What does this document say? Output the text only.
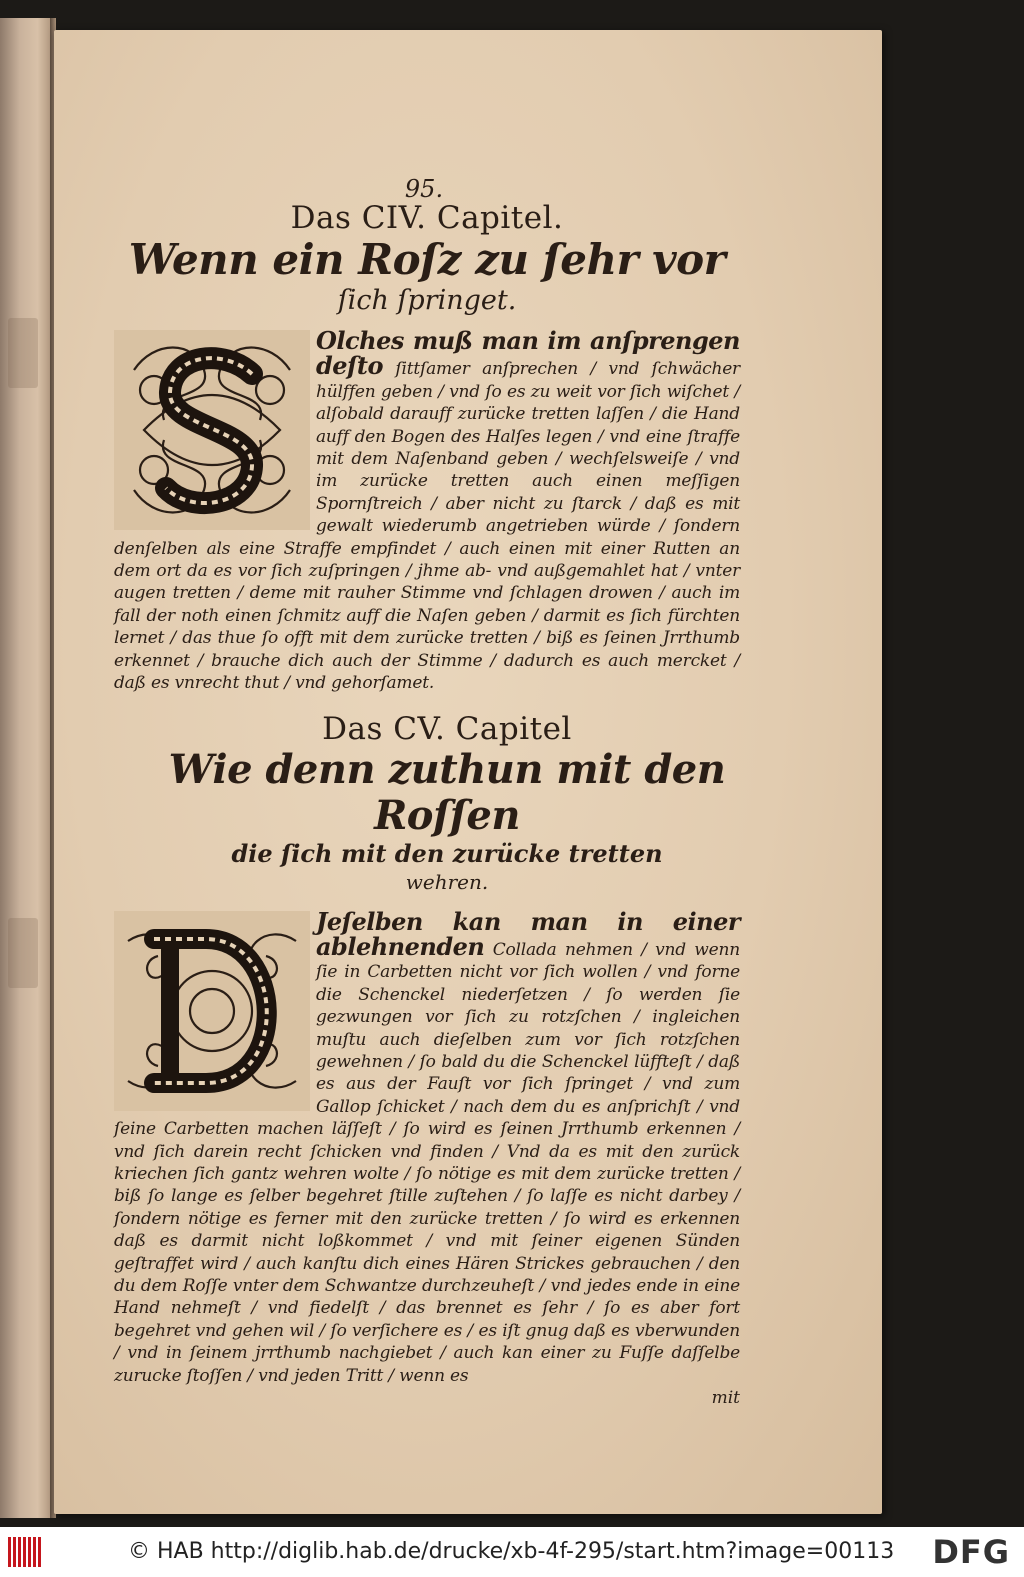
95.
Das CIV. Capitel.
Wenn ein Roſz zu ſehr vor
ſich ſpringet.
Olches muß man im anſprengen deſto ſittſamer anſprechen / vnd ſchwächer hülffen geben / vnd ſo es zu weit vor ſich wiſchet / alſobald darauff zurücke tretten laſſen / die Hand auff den Bogen des Halſes legen / vnd eine ſtraffe mit dem Naſenband geben / wechſelsweiſe / vnd im zurücke tretten auch einen meſſigen Spornſtreich / aber nicht zu ſtarck / daß es mit gewalt wiederumb angetrieben würde / ſondern denſelben als eine Straffe empfindet / auch einen mit einer Rutten an dem ort da es vor ſich zuſpringen / jhme ab- vnd außgemahlet hat / vnter augen tretten / deme mit rauher Stimme vnd ſchlagen drowen / auch im fall der noth einen ſchmitz auff die Naſen geben / darmit es ſich fürchten lernet / das thue ſo offt mit dem zurücke tretten / biß es ſeinen Jrrthumb erkennet / brauche dich auch der Stimme / dadurch es auch mercket / daß es vnrecht thut / vnd gehorſamet.
Das CV. Capitel
Wie denn zuthun mit den Roſſen
die ſich mit den zurücke tretten
wehren.
Jeſelben kan man in einer ablehnenden Collada nehmen / vnd wenn ſie in Carbetten nicht vor ſich wollen / vnd forne die Schenckel niederſetzen / ſo werden ſie gezwungen vor ſich zu rotzſchen / ingleichen muſtu auch dieſelben zum vor ſich rotzſchen gewehnen / ſo bald du die Schenckel lüffteſt / daß es aus der Fauſt vor ſich ſpringet / vnd zum Gallop ſchicket / nach dem du es anſprichſt / vnd ſeine Carbetten machen läſſeſt / ſo wird es ſeinen Jrrthumb erkennen / vnd ſich darein recht ſchicken vnd finden / Vnd da es mit den zurück kriechen ſich gantz wehren wolte / ſo nötige es mit dem zurücke tretten / biß ſo lange es ſelber begehret ſtille zuſtehen / ſo laſſe es nicht darbey / ſondern nötige es ferner mit den zurücke tretten / ſo wird es erkennen daß es darmit nicht loßkommet / vnd mit ſeiner eigenen Sünden geſtraffet wird / auch kanſtu dich eines Hären Strickes gebrauchen / den du dem Roſſe vnter dem Schwantze durchzeuheſt / vnd jedes ende in eine Hand nehmeſt / vnd fiedelſt / das brennet es ſehr / ſo es aber fort begehret vnd gehen wil / ſo verſichere es / es iſt gnug daß es vberwunden / vnd in ſeinem jrrthumb nachgiebet / auch kan einer zu Fuſſe daſſelbe zurucke ſtoſſen / vnd jeden Tritt / wenn es
mit
© HAB http://diglib.hab.de/drucke/xb-4f-295/start.htm?image=00113 DFG
